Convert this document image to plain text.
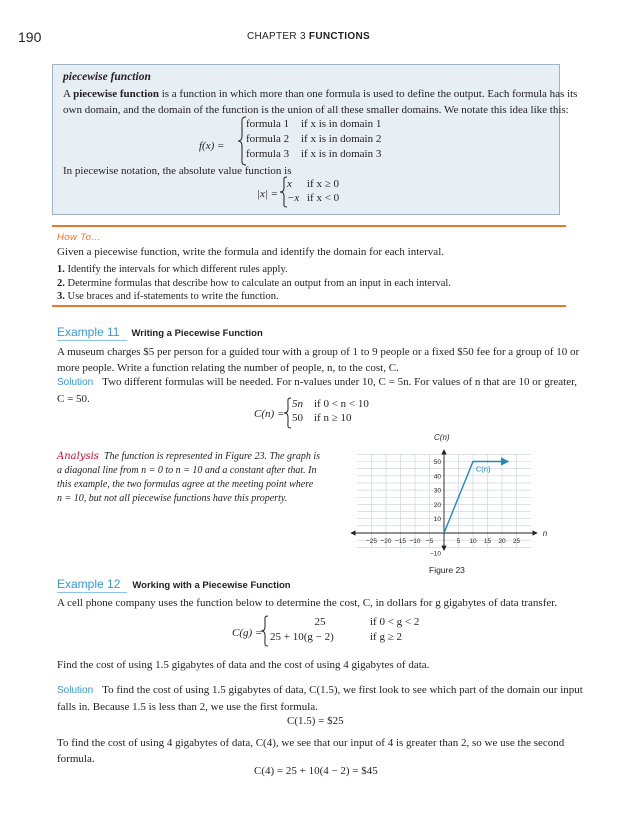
190	CHAPTER 3 FUNCTIONS
piecewise function
A piecewise function is a function in which more than one formula is used to define the output. Each formula has its
own domain, and the domain of the function is the union of all these smaller domains. We notate this idea like this:
f(x) =
formula 1 if x is in domain 1
formula 2 if x is in domain 2
formula 3 if x is in domain 3
In piecewise notation, the absolute value function is
|x| =
x if x ≥ 0
−x if x < 0
How To...
Given a piecewise function, write the formula and identify the domain for each interval.
1. Identify the intervals for which different rules apply.
2. Determine formulas that describe how to calculate an output from an input in each interval.
3. Use braces and if-statements to write the function.
Example 11 Writing a Piecewise Function
A museum charges $5 per person for a guided tour with a group of 1 to 9 people or a fixed $50 fee for a group of 10 or
more people. Write a function relating the number of people, n, to the cost, C.
Solution Two different formulas will be needed. For n-values under 10, C = 5n. For values of n that are 10 or greater,
C = 50.
C(n) =
5n if 0 < n < 10
50 if n ≥ 10
Analysis The function is represented in Figure 23. The graph is
a diagonal line from n = 0 to n = 10 and a constant after that. In
this example, the two formulas agree at the meeting point where
n = 10, but not all piecewise functions have this property.
−25 −20 −15 −10 −5	5 10 15 20 25
−10
10
20
30
40
50
C(n)
n
C(n)
Figure 23
Example 12 Working with a Piecewise Function
A cell phone company uses the function below to determine the cost, C, in dollars for g gigabytes of data transfer.
C(g) =
25	if 0 < g < 2
25 + 10(g − 2)	if g ≥ 2
Find the cost of using 1.5 gigabytes of data and the cost of using 4 gigabytes of data.
Solution To find the cost of using 1.5 gigabytes of data, C(1.5), we first look to see which part of the domain our input
falls in. Because 1.5 is less than 2, we use the first formula.
C(1.5) = $25
To find the cost of using 4 gigabytes of data, C(4), we see that our input of 4 is greater than 2, so we use the second
formula.
C(4) = 25 + 10(4 − 2) = $45
